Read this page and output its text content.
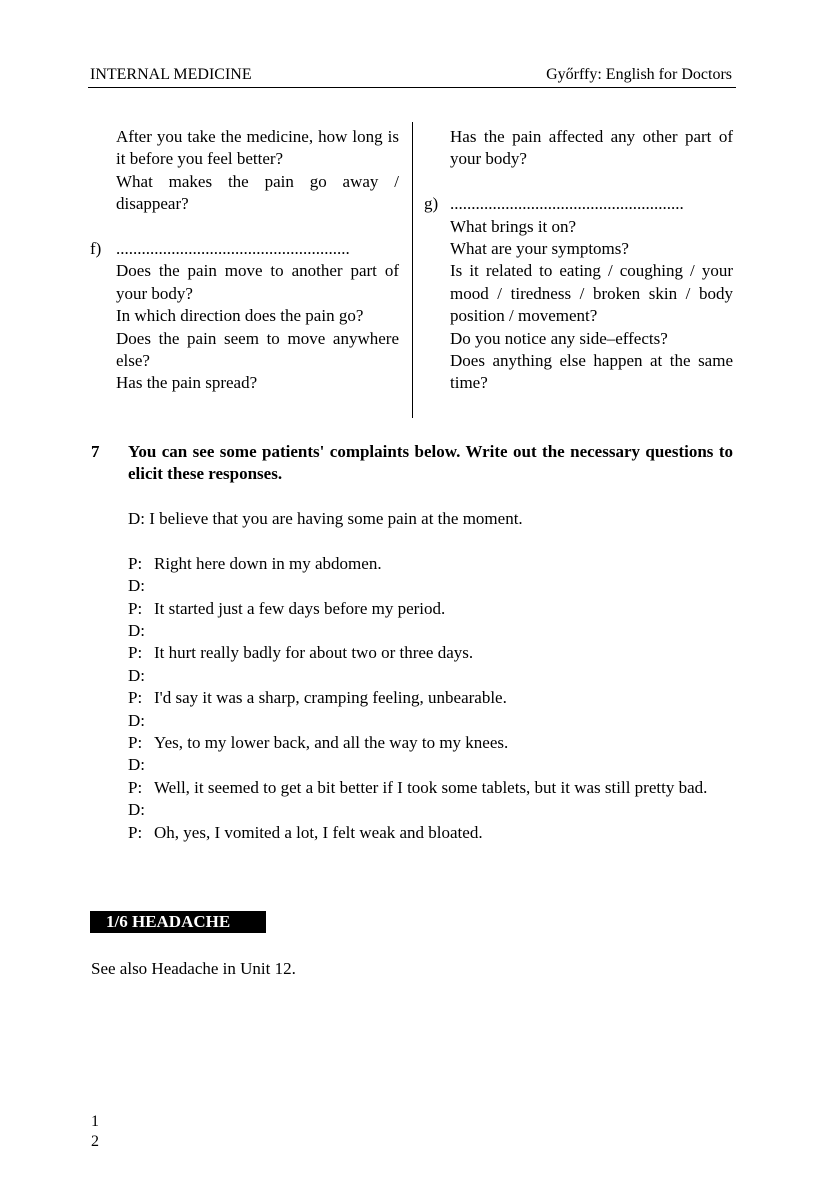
INTERNAL MEDICINE	Győrffy: English for Doctors

After you take the medicine, how long is it before you feel better?

What makes the pain go away / disappear?

f) .......................................................

Does the pain move to another part of your body?

In which direction does the pain go?

Does the pain seem to move anywhere else?

Has the pain spread?

Has the pain affected any other part of your body?

g) .......................................................

What brings it on?

What are your symptoms?

Is it related to eating / coughing / your mood / tiredness / broken skin / body position / movement?

Do you notice any side–effects?

Does anything else happen at the same time?

7 You can see some patients' complaints below. Write out the necessary questions to elicit these responses.

D: I believe that you are having some pain at the moment.

P: Right here down in my abdomen.

D:

P: It started just a few days before my period.

D:

P: It hurt really badly for about two or three days.

D:

P: I'd say it was a sharp, cramping feeling, unbearable.

D:

P: Yes, to my lower back, and all the way to my knees.

D:

P: Well, it seemed to get a bit better if I took some tablets, but it was still pretty bad.

D:

P: Oh, yes, I vomited a lot, I felt weak and bloated.

1/6 HEADACHE
See also Headache in Unit 12.
1
2
